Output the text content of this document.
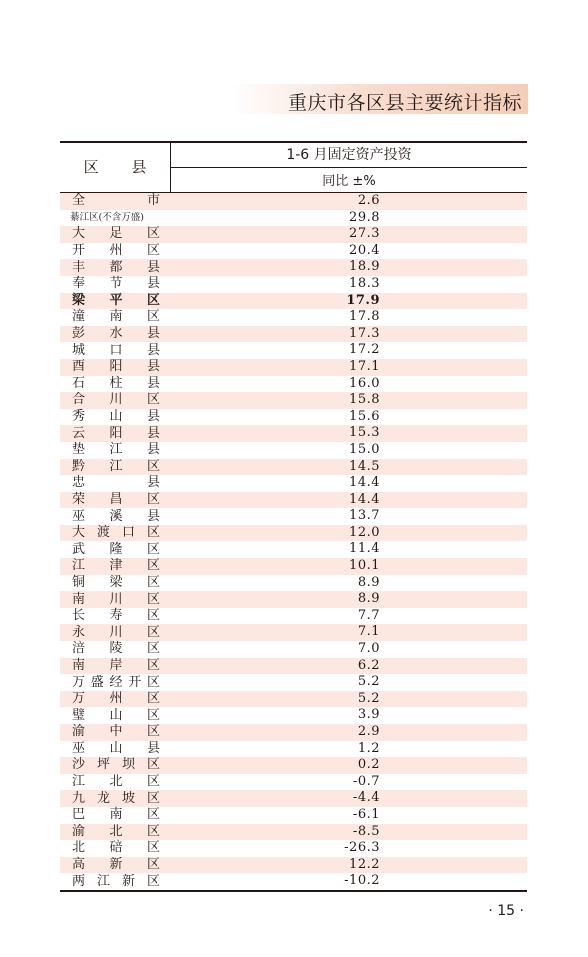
重庆市各区县主要统计指标
区 县
1-6 月固定资产投资
同比 ±%
全	市	2.6
綦江区(不含万盛)	29.8
大 足 区	27.3
开 州 区	20.4
丰 都 县	18.9
奉 节 县	18.3
梁 平 区	17.9
潼 南 区	17.8
彭 水 县	17.3
城 口 县	17.2
酉 阳 县	17.1
石 柱 县	16.0
合 川 区	15.8
秀 山 县	15.6
云 阳 县	15.3
垫 江 县	15.0
黔 江 区	14.5
忠	县	14.4
荣 昌 区	14.4
巫 溪 县	13.7
大 渡 口 区	12.0
武 隆 区	11.4
江 津 区	10.1
铜 梁 区	8.9
南 川 区	8.9
长 寿 区	7.7
永 川 区	7.1
涪 陵 区	7.0
南 岸 区	6.2
万 盛 经 开 区	5.2
万 州 区	5.2
璧 山 区	3.9
渝 中 区	2.9
巫 山 县	1.2
沙 坪 坝 区	0.2
江 北 区	-0.7
九 龙 坡 区	-4.4
巴 南 区	-6.1
渝 北 区	-8.5
北 碚 区	-26.3
高 新 区	12.2
两 江 新 区	-10.2
· 15 ·
